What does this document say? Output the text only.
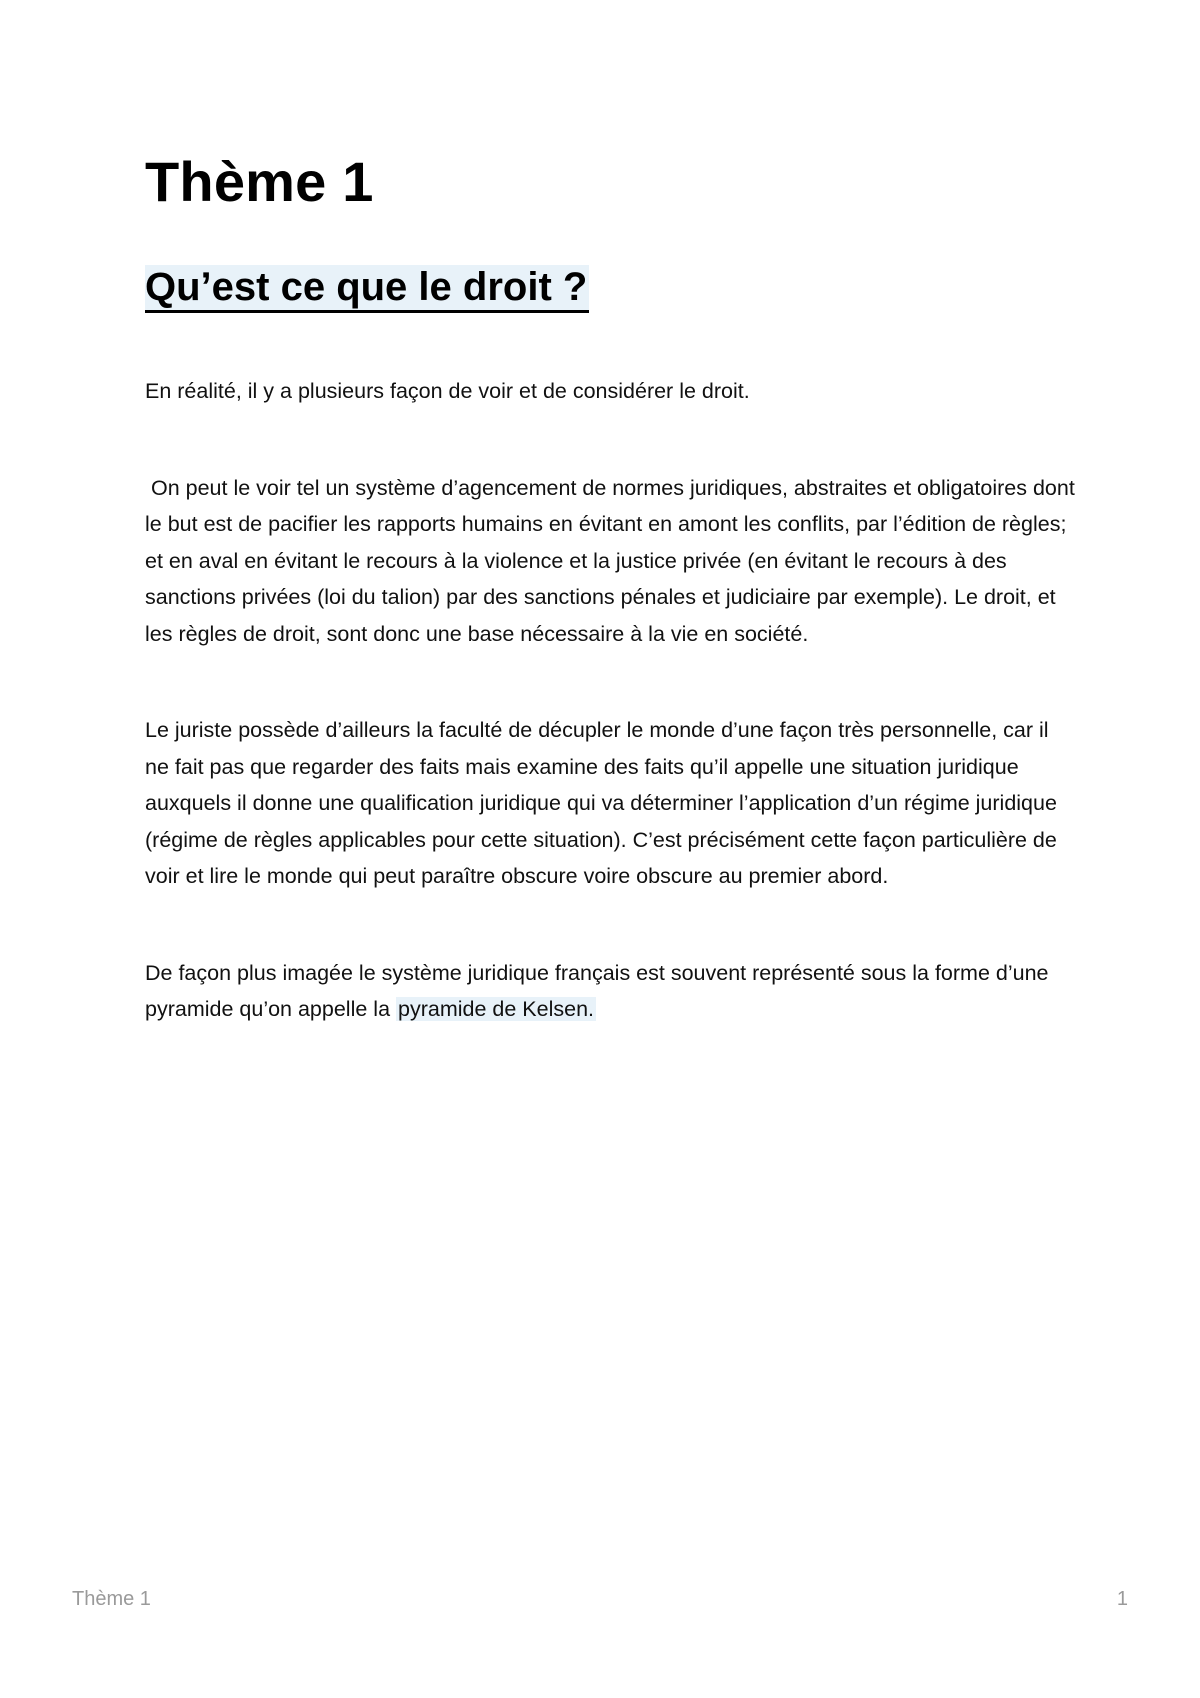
Thème 1
Qu’est ce que le droit ?

En réalité, il y a plusieurs façon de voir et de considérer le droit.

On peut le voir tel un système d’agencement de normes juridiques, abstraites et obligatoires dont le but est de pacifier les rapports humains en évitant en amont les conflits, par l’édition de règles; et en aval en évitant le recours à la violence et la justice privée (en évitant le recours à des sanctions privées (loi du talion) par des sanctions pénales et judiciaire par exemple). Le droit, et les règles de droit, sont donc une base nécessaire à la vie en société.

Le juriste possède d’ailleurs la faculté de décupler le monde d’une façon très personnelle, car il ne fait pas que regarder des faits mais examine des faits qu’il appelle une situation juridique auxquels il donne une qualification juridique qui va déterminer l’application d’un régime juridique (régime de règles applicables pour cette situation). C’est précisément cette façon particulière de voir et lire le monde qui peut paraître obscure voire obscure au premier abord.

De façon plus imagée le système juridique français est souvent représenté sous la forme d’une pyramide qu’on appelle la pyramide de Kelsen.

Thème 1	1
